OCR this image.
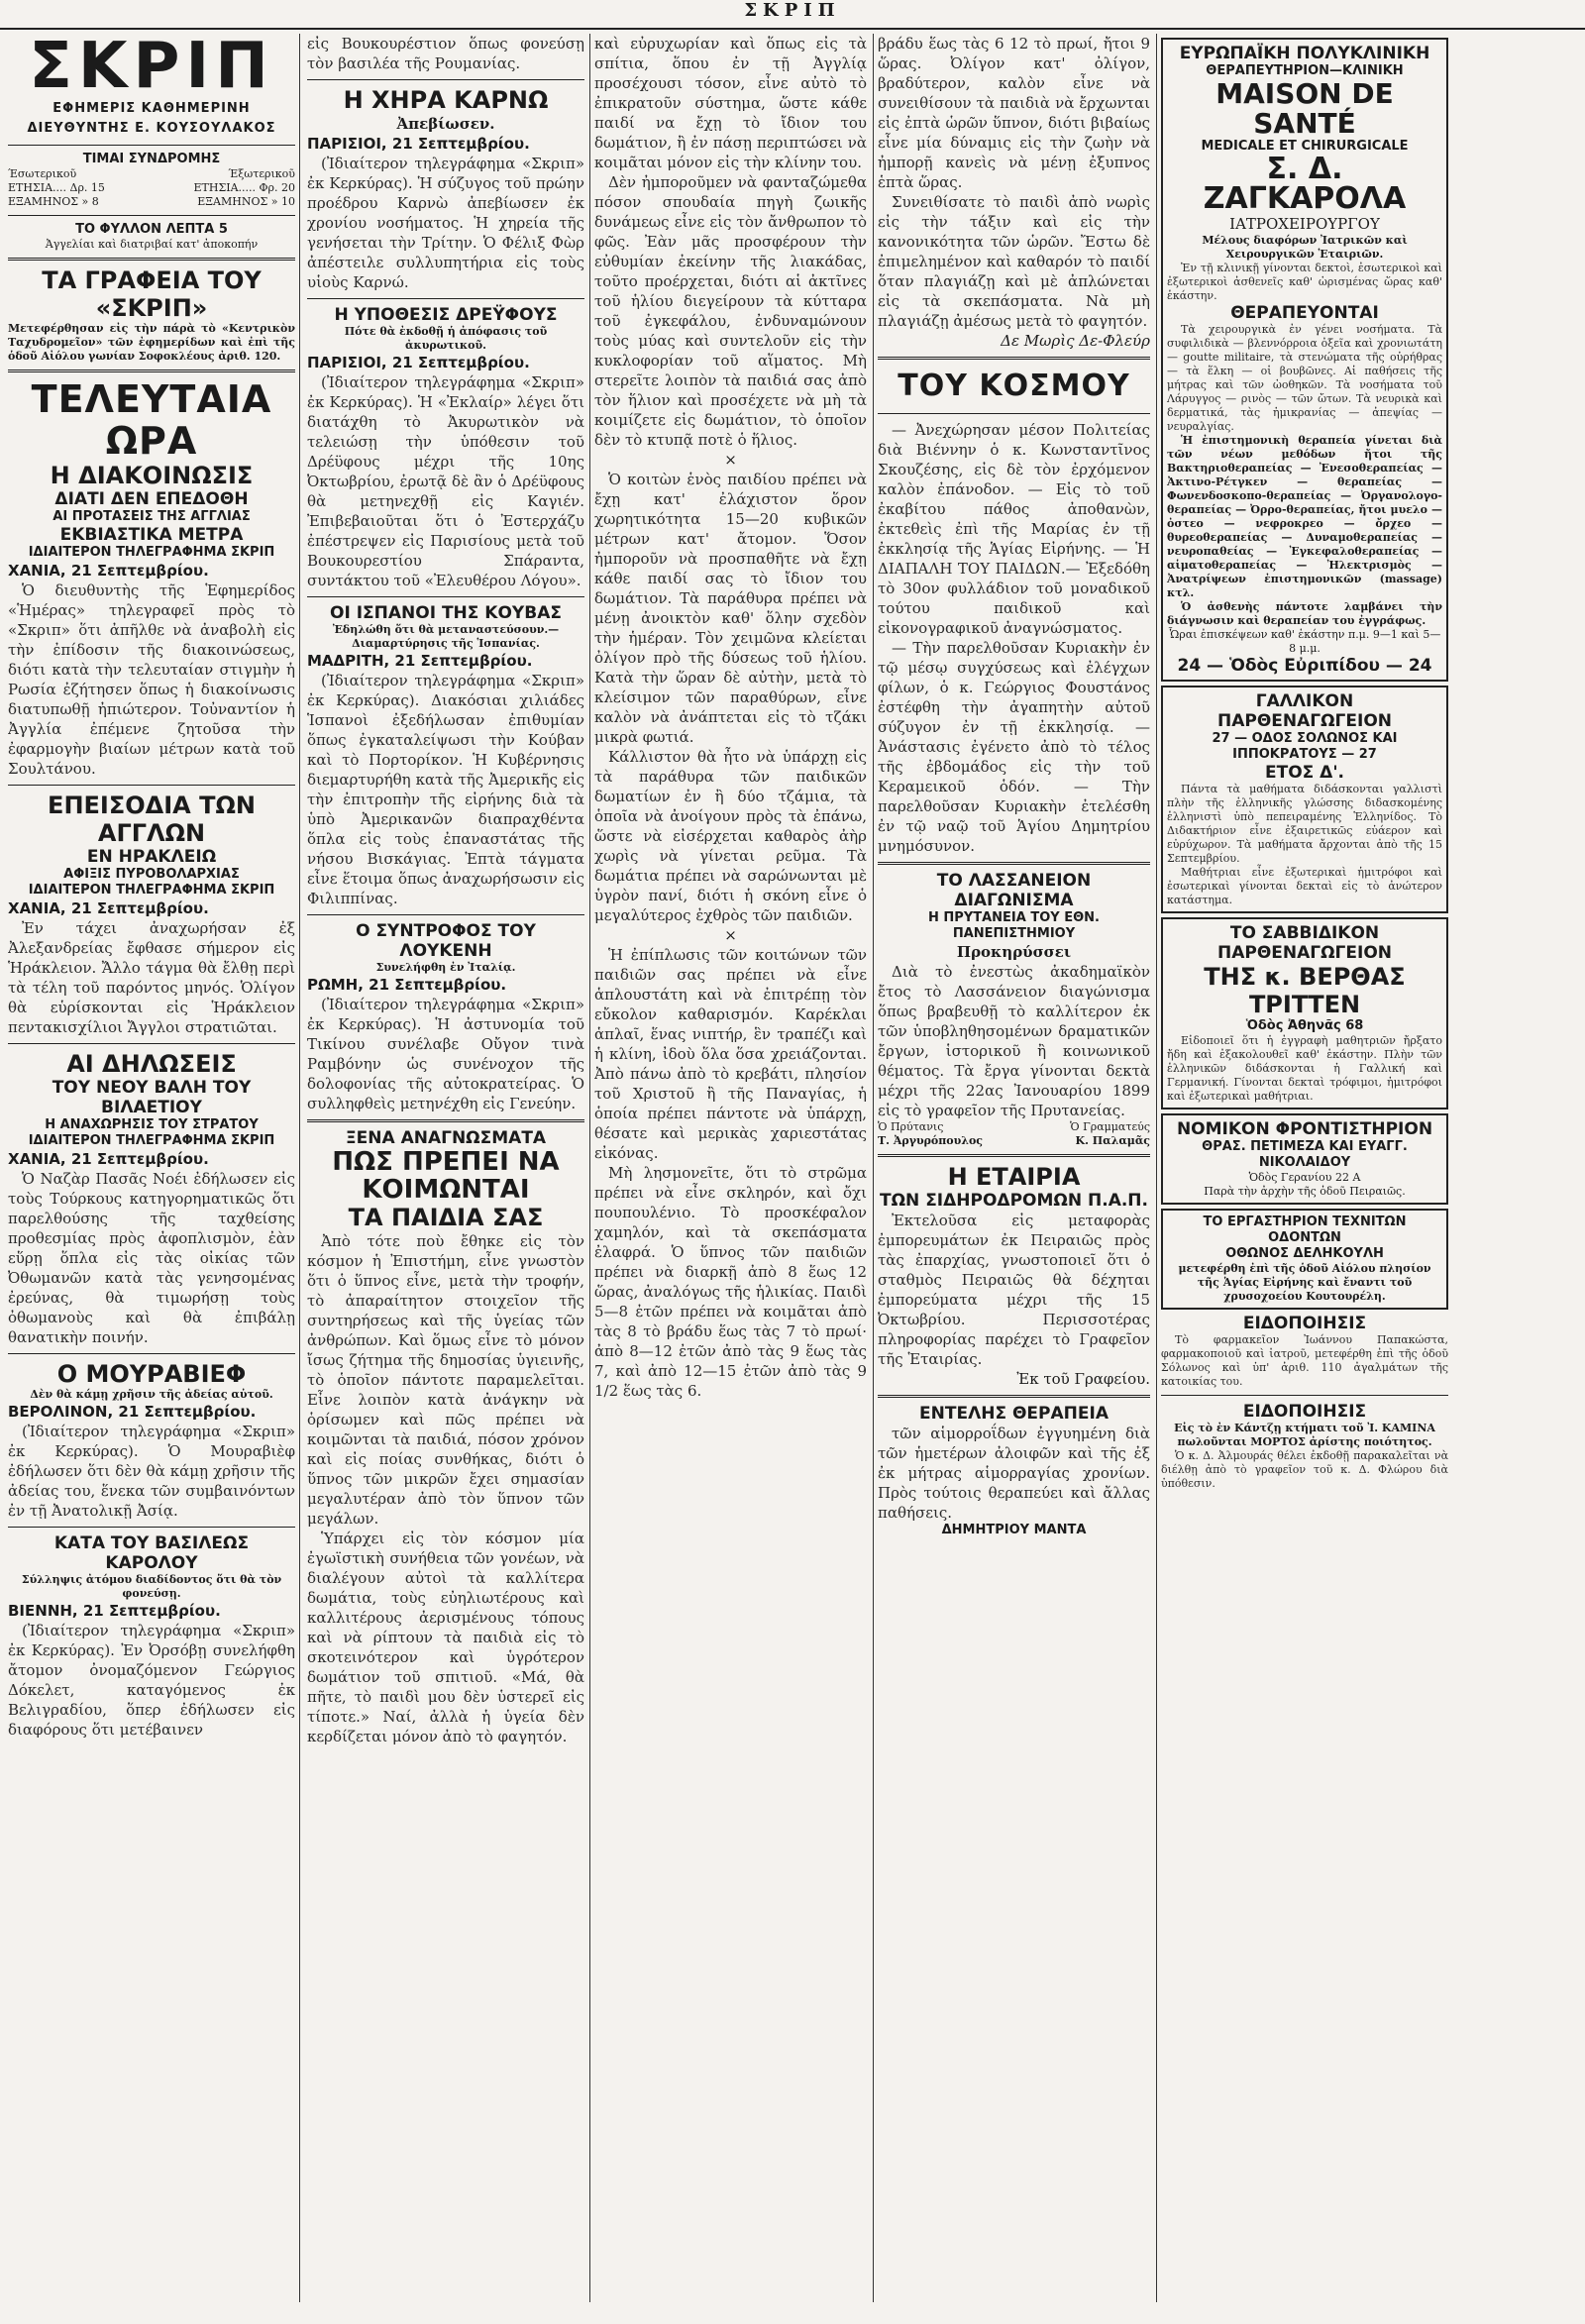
ΣΚΡΙΠ
ΣΚΡΙΠ
ΕΦΗΜΕΡΙΣ ΚΑΘΗΜΕΡΙΝΗ
ΔΙΕΥΘΥΝΤΗΣ Ε. ΚΟΥΣΟΥΛΑΚΟΣ
ΤΙΜΑΙ ΣΥΝΔΡΟΜΗΣ
Έσωτερικοῦ	Έξωτερικοῦ
ΕΤΗΣΙΑ.... Δρ. 15	ΕΤΗΣΙΑ..... Φρ. 20
ΕΞΑΜΗΝΟΣ » 8	ΕΞΑΜΗΝΟΣ » 10
ΤΟ ΦΥΛΛΟΝ ΛΕΠΤΑ 5
Ἀγγελίαι καὶ διατριβαί κατ' ἀποκοπήν
ΤΑ ΓΡΑΦΕΙΑ ΤΟΥ «ΣΚΡΙΠ»
Μετεφέρθησαν εἰς τὴν πάρὰ τὸ «Κεντρικὸν Ταχυδρομεῖον» τῶν ἐφημερίδων καὶ ἐπὶ τῆς ὁδοῦ Αἰόλου γωνίαν Σοφοκλέους ἀριθ. 120.
ΤΕΛΕΥΤΑΙΑ ΩΡΑ
Η ΔΙΑΚΟΙΝΩΣΙΣ
ΔΙΑΤΙ ΔΕΝ ΕΠΕΔΟΘΗ
ΑΙ ΠΡΟΤΑΣΕΙΣ ΤΗΣ ΑΓΓΛΙΑΣ
ΕΚΒΙΑΣΤΙΚΑ ΜΕΤΡΑ
ΙΔΙΑΙΤΕΡΟΝ ΤΗΛΕΓΡΑΦΗΜΑ ΣΚΡΙΠ
ΧΑΝΙΑ, 21 Σεπτεμβρίου.

Ὁ διευθυντὴς τῆς Ἑφημερίδος «Ἡμέρας» τηλεγραφεῖ πρὸς τὸ «Σκριπ» ὅτι ἀπῆλθε νὰ ἀναβολὴ εἰς τὴν ἐπίδοσιν τῆς διακοινώσεως, διότι κατὰ τὴν τελευταίαν στιγμὴν ἡ Ρωσία ἐζήτησεν ὅπως ἡ διακοίνωσις διατυπωθῇ ἠπιώτερον. Τοὐναντίον ἡ Ἀγγλία ἐπέμενε ζητοῦσα τὴν ἐφαρμογὴν βιαίων μέτρων κατὰ τοῦ Σουλτάνου.

ΕΠΕΙΣΟΔΙΑ ΤΩΝ ΑΓΓΛΩΝ
ΕΝ ΗΡΑΚΛΕΙΩ
ΑΦΙΞΙΣ ΠΥΡΟΒΟΛΑΡΧΙΑΣ
ΙΔΙΑΙΤΕΡΟΝ ΤΗΛΕΓΡΑΦΗΜΑ ΣΚΡΙΠ
ΧΑΝΙΑ, 21 Σεπτεμβρίου.

Ἐν τάχει ἀναχωρήσαν ἐξ Ἀλεξανδρείας ἔφθασε σήμερον εἰς Ἡράκλειον. Ἄλλο τάγμα θὰ ἔλθῃ περὶ τὰ τέλη τοῦ παρόντος μηνός. Ὁλίγον θὰ εὑρίσκονται εἰς Ἡράκλειον πεντακισχίλιοι Ἄγγλοι στρατιῶται.

ΑΙ ΔΗΛΩΣΕΙΣ
ΤΟΥ ΝΕΟΥ ΒΑΛΗ ΤΟΥ ΒΙΛΑΕΤΙΟΥ
Η ΑΝΑΧΩΡΗΣΙΣ ΤΟΥ ΣΤΡΑΤΟΥ
ΙΔΙΑΙΤΕΡΟΝ ΤΗΛΕΓΡΑΦΗΜΑ ΣΚΡΙΠ
ΧΑΝΙΑ, 21 Σεπτεμβρίου.

Ὁ Ναζὰρ Πασᾶς Νοέι ἐδήλωσεν εἰς τοὺς Τούρκους κατηγορηματικῶς ὅτι παρελθούσης τῆς ταχθείσης προθεσμίας πρὸς ἀφοπλισμὸν, ἐὰν εὕρῃ ὅπλα εἰς τὰς οἰκίας τῶν Ὀθωμανῶν κατὰ τὰς γενησομένας ἐρεύνας, θὰ τιμωρήσῃ τοὺς ὀθωμανοὺς καὶ θὰ ἐπιβάλῃ θανατικὴν ποινήν.

Ο ΜΟΥΡΑΒΙΕΦ
Δὲν θὰ κάμῃ χρῆσιν τῆς ἀδείας αὐτοῦ.
ΒΕΡΟΛΙΝΟΝ, 21 Σεπτεμβρίου.

(Ἰδιαίτερον τηλεγράφημα «Σκριπ» ἐκ Κερκύρας). Ὁ Μουραβιὲφ ἐδήλωσεν ὅτι δὲν θὰ κάμῃ χρῆσιν τῆς ἀδείας του, ἕνεκα τῶν συμβαινόντων ἐν τῇ Ἀνατολικῇ Ἀσίᾳ.

ΚΑΤΑ ΤΟΥ ΒΑΣΙΛΕΩΣ ΚΑΡΟΛΟΥ
Σύλληψις ἀτόμου διαδίδοντος ὅτι θὰ τὸν φονεύσῃ.
ΒΙΕΝΝΗ, 21 Σεπτεμβρίου.

(Ἰδιαίτερον τηλεγράφημα «Σκριπ» ἐκ Κερκύρας). Ἐν Ὀρσόβῃ συνελήφθη ἄτομον ὀνομαζόμενον Γεώργιος Δόκελετ, καταγόμενος ἐκ Βελιγραδίου, ὅπερ ἐδήλωσεν εἰς διαφόρους ὅτι μετέβαινεν

εἰς Βουκουρέστιον ὅπως φονεύσῃ τὸν βασιλέα τῆς Ρουμανίας.

Η ΧΗΡΑ ΚΑΡΝΩ
Ἀπεβίωσεν.
ΠΑΡΙΣΙΟΙ, 21 Σεπτεμβρίου.

(Ἰδιαίτερον τηλεγράφημα «Σκριπ» ἐκ Κερκύρας). Ἡ σύζυγος τοῦ πρώην προέδρου Καρνὼ ἀπεβίωσεν ἐκ χρονίου νοσήματος. Ἡ χηρεία τῆς γενήσεται τὴν Τρίτην. Ὁ Φέλιξ Φὼρ ἀπέστειλε συλλυπητήρια εἰς τοὺς υἱοὺς Καρνώ.

Η ΥΠΟΘΕΣΙΣ ΔΡΕΫΦΟΥΣ
Πότε θὰ ἐκδοθῇ ἡ ἀπόφασις τοῦ ἀκυρωτικοῦ.
ΠΑΡΙΣΙΟΙ, 21 Σεπτεμβρίου.

(Ἰδιαίτερον τηλεγράφημα «Σκριπ» ἐκ Κερκύρας). Ἡ «Ἐκλαίρ» λέγει ὅτι διατάχθη τὸ Ἀκυρωτικὸν νὰ τελειώσῃ τὴν ὑπόθεσιν τοῦ Δρέϋφους μέχρι τῆς 10ης Ὀκτωβρίου, ἐρωτᾷ δὲ ἂν ὁ Δρέϋφους θὰ μετηνεχθῇ εἰς Καγιέν. Ἐπιβεβαιοῦται ὅτι ὁ Ἐστερχάζυ ἐπέστρεψεν εἰς Παρισίους μετὰ τοῦ Βουκουρεστίου Σπάραντα, συντάκτου τοῦ «Ἐλευθέρου Λόγου».

ΟΙ ΙΣΠΑΝΟΙ ΤΗΣ ΚΟΥΒΑΣ
Ἐδηλώθη ὅτι θὰ μεταναστεύσουν.—Διαμαρτύρησις τῆς Ἱσπανίας.
ΜΑΔΡΙΤΗ, 21 Σεπτεμβρίου.

(Ἰδιαίτερον τηλεγράφημα «Σκριπ» ἐκ Κερκύρας). Διακόσιαι χιλιάδες Ἱσπανοὶ ἐξεδήλωσαν ἐπιθυμίαν ὅπως ἐγκαταλείψωσι τὴν Κούβαν καὶ τὸ Πορτορίκον. Ἡ Κυβέρνησις διεμαρτυρήθη κατὰ τῆς Ἀμερικῆς εἰς τὴν ἐπιτροπὴν τῆς εἰρήνης διὰ τὰ ὑπὸ Ἀμερικανῶν διαπραχθέντα ὅπλα εἰς τοὺς ἐπαναστάτας τῆς νήσου Βισκάγιας. Ἑπτὰ τάγματα εἶνε ἕτοιμα ὅπως ἀναχωρήσωσιν εἰς Φιλιππίνας.

Ο ΣΥΝΤΡΟΦΟΣ ΤΟΥ ΛΟΥΚΕΝΗ
Συνελήφθη ἐν Ἰταλίᾳ.
ΡΩΜΗ, 21 Σεπτεμβρίου.

(Ἰδιαίτερον τηλεγράφημα «Σκριπ» ἐκ Κερκύρας). Ἡ ἀστυνομία τοῦ Τικίνου συνέλαβε Οὔγον τινὰ Ραμβόνην ὡς συνένοχον τῆς δολοφονίας τῆς αὐτοκρατείρας. Ὁ συλληφθεὶς μετηνέχθη εἰς Γενεύην.

ΞΕΝΑ ΑΝΑΓΝΩΣΜΑΤΑ
ΠΩΣ ΠΡΕΠΕΙ ΝΑ ΚΟΙΜΩΝΤΑΙ
ΤΑ ΠΑΙΔΙΑ ΣΑΣ

Ἀπὸ τότε ποὺ ἔθηκε εἰς τὸν κόσμον ἡ Ἐπιστήμη, εἶνε γνωστὸν ὅτι ὁ ὕπνος εἶνε, μετὰ τὴν τροφήν, τὸ ἀπαραίτητον στοιχεῖον τῆς συντηρήσεως καὶ τῆς ὑγείας τῶν ἀνθρώπων. Καὶ ὅμως εἶνε τὸ μόνον ἴσως ζήτημα τῆς δημοσίας ὑγιεινῆς, τὸ ὁποῖον πάντοτε παραμελεῖται. Εἶνε λοιπὸν κατὰ ἀνάγκην νὰ ὁρίσωμεν καὶ πῶς πρέπει νὰ κοιμῶνται τὰ παιδιά, πόσον χρόνον καὶ εἰς ποίας συνθήκας, διότι ὁ ὕπνος τῶν μικρῶν ἔχει σημασίαν μεγαλυτέραν ἀπὸ τὸν ὕπνον τῶν μεγάλων.

Ὑπάρχει εἰς τὸν κόσμον μία ἐγωϊστικὴ συνήθεια τῶν γονέων, νὰ διαλέγουν αὐτοὶ τὰ καλλίτερα δωμάτια, τοὺς εὐηλιωτέρους καὶ καλλιτέρους ἀερισμένους τόπους καὶ νὰ ρίπτουν τὰ παιδιὰ εἰς τὸ σκοτεινότερον καὶ ὑγρότερον δωμάτιον τοῦ σπιτιοῦ. «Μά, θὰ πῆτε, τὸ παιδὶ μου δὲν ὑστερεῖ εἰς τίποτε.» Ναί, ἀλλὰ ἡ ὑγεία δὲν κερδίζεται μόνον ἀπὸ τὸ φαγητόν.

καὶ εὐρυχωρίαν καὶ ὅπως εἰς τὰ σπίτια, ὅπου ἐν τῇ Ἀγγλίᾳ προσέχουσι τόσον, εἶνε αὐτὸ τὸ ἐπικρατοῦν σύστημα, ὥστε κάθε παιδί να ἔχῃ τὸ ἴδιον του δωμάτιον, ἢ ἐν πάσῃ περιπτώσει νὰ κοιμᾶται μόνον εἰς τὴν κλίνην του.

Δὲν ἠμποροῦμεν νὰ φανταζώμεθα πόσον σπουδαία πηγὴ ζωικῆς δυνάμεως εἶνε εἰς τὸν ἄνθρωπον τὸ φῶς. Ἐὰν μᾶς προσφέρουν τὴν εὐθυμίαν ἐκείνην τῆς λιακάδας, τοῦτο προέρχεται, διότι αἱ ἀκτῖνες τοῦ ἡλίου διεγείρουν τὰ κύτταρα τοῦ ἐγκεφάλου, ἐνδυναμώνουν τοὺς μύας καὶ συντελοῦν εἰς τὴν κυκλοφορίαν τοῦ αἵματος. Μὴ στερεῖτε λοιπὸν τὰ παιδιά σας ἀπὸ τὸν ἥλιον καὶ προσέχετε νὰ μὴ τὰ κοιμίζετε εἰς δωμάτιον, τὸ ὁποῖον δὲν τὸ κτυπᾷ ποτὲ ὁ ἥλιος.

×

Ὁ κοιτὼν ἑνὸς παιδίου πρέπει νὰ ἔχῃ κατ' ἐλάχιστον ὅρον χωρητικότητα 15—20 κυβικῶν μέτρων κατ' ἄτομον. Ὅσον ἠμποροῦν νὰ προσπαθῆτε νὰ ἔχῃ κάθε παιδί σας τὸ ἴδιον του δωμάτιον. Τὰ παράθυρα πρέπει νὰ μένῃ ἀνοικτὸν καθ' ὅλην σχεδὸν τὴν ἡμέραν. Τὸν χειμῶνα κλείεται ὀλίγον πρὸ τῆς δύσεως τοῦ ἡλίου. Κατὰ τὴν ὥραν δὲ αὐτὴν, μετὰ τὸ κλείσιμον τῶν παραθύρων, εἶνε καλὸν νὰ ἀνάπτεται εἰς τὸ τζάκι μικρὰ φωτιά.

Κάλλιστον θὰ ἦτο νὰ ὑπάρχῃ εἰς τὰ παράθυρα τῶν παιδικῶν δωματίων ἐν ἢ δύο τζάμια, τὰ ὁποῖα νὰ ἀνοίγουν πρὸς τὰ ἐπάνω, ὥστε νὰ εἰσέρχεται καθαρὸς ἀὴρ χωρὶς νὰ γίνεται ρεῦμα. Τὰ δωμάτια πρέπει νὰ σαρώνωνται μὲ ὑγρὸν πανί, διότι ἡ σκόνη εἶνε ὁ μεγαλύτερος ἐχθρὸς τῶν παιδιῶν.

×

Ἡ ἐπίπλωσις τῶν κοιτώνων τῶν παιδιῶν σας πρέπει νὰ εἶνε ἁπλουστάτη καὶ νὰ ἐπιτρέπῃ τὸν εὔκολον καθαρισμόν. Καρέκλαι ἁπλαῖ, ἕνας νιπτήρ, ἓν τραπέζι καὶ ἡ κλίνη, ἰδοὺ ὅλα ὅσα χρειάζονται. Ἀπὸ πάνω ἀπὸ τὸ κρεβάτι, πλησίον τοῦ Χριστοῦ ἢ τῆς Παναγίας, ἡ ὁποία πρέπει πάντοτε νὰ ὑπάρχῃ, θέσατε καὶ μερικὰς χαριεστάτας εἰκόνας.

Μὴ λησμονεῖτε, ὅτι τὸ στρῶμα πρέπει νὰ εἶνε σκληρόν, καὶ ὄχι πουπουλένιο. Τὸ προσκέφαλον χαμηλόν, καὶ τὰ σκεπάσματα ἐλαφρά. Ὁ ὕπνος τῶν παιδιῶν πρέπει νὰ διαρκῇ ἀπὸ 8 ἕως 12 ὥρας, ἀναλόγως τῆς ἡλικίας. Παιδὶ 5—8 ἐτῶν πρέπει νὰ κοιμᾶται ἀπὸ τὰς 8 τὸ βράδυ ἕως τὰς 7 τὸ πρωί· ἀπὸ 8—12 ἐτῶν ἀπὸ τὰς 9 ἕως τὰς 7, καὶ ἀπὸ 12—15 ἐτῶν ἀπὸ τὰς 9 1/2 ἕως τὰς 6.

βράδυ ἕως τὰς 6 12 τὸ πρωί, ἤτοι 9 ὥρας. Ὀλίγον κατ' ὀλίγον, βραδύτερον, καλὸν εἶνε νὰ συνειθίσουν τὰ παιδιὰ νὰ ἔρχωνται εἰς ἐπτὰ ὡρῶν ὕπνον, διότι βιβαίως εἶνε μία δύναμις εἰς τὴν ζωὴν νὰ ἠμπορῇ κανεὶς νὰ μένῃ ἐξυπνος ἑπτὰ ὥρας.

Συνειθίσατε τὸ παιδὶ ἀπὸ νωρὶς εἰς τὴν τάξιν καὶ εἰς τὴν κανονικότητα τῶν ὡρῶν. Ἔστω δὲ ἐπιμελημένον καὶ καθαρόν τὸ παιδί ὅταν πλαγιάζῃ καὶ μὲ ἀπλώνεται εἰς τὰ σκεπάσματα. Νὰ μὴ πλαγιάζῃ ἀμέσως μετὰ τὸ φαγητόν.

Δε Μωρὶς Δε-Φλεύρ
ΤΟΥ ΚΟΣΜΟΥ

— Ἀνεχώρησαν μέσον Πολιτείας διὰ Βιέννην ὁ κ. Κωνσταντῖνος Σκουζέσης, εἰς δὲ τὸν ἐρχόμενον καλὸν ἐπάνοδον. — Εἰς τὸ τοῦ ἐκαβίτου πάθος ἀποθανὼν, ἐκτεθεὶς ἐπὶ τῆς Μαρίας ἐν τῇ ἐκκλησίᾳ τῆς Ἁγίας Εἰρήνης. — Ἡ ΔΙΑΠΑΛΗ ΤΟΥ ΠΑΙΔΩΝ.— Ἐξεδόθη τὸ 30ον φυλλάδιον τοῦ μοναδικοῦ τούτου παιδικοῦ καὶ εἰκονογραφικοῦ ἀναγνώσματος.

— Τὴν παρελθοῦσαν Κυριακὴν ἐν τῷ μέσῳ συγχύσεως καὶ ἐλέγχων φίλων, ὁ κ. Γεώργιος Φουστάνος ἐστέφθη τὴν ἀγαπητὴν αὐτοῦ σύζυγον ἐν τῇ ἐκκλησίᾳ. — Ἀνάστασις ἐγένετο ἀπὸ τὸ τέλος τῆς ἐβδομάδος εἰς τὴν τοῦ Κεραμεικοῦ ὁδόν. — Τὴν παρελθοῦσαν Κυριακὴν ἐτελέσθη ἐν τῷ ναῷ τοῦ Ἁγίου Δημητρίου μνημόσυνον.

ΤΟ ΛΑΣΣΑΝΕΙΟΝ ΔΙΑΓΩΝΙΣΜΑ
Η ΠΡΥΤΑΝΕΙΑ ΤΟΥ ΕΘΝ. ΠΑΝΕΠΙΣΤΗΜΙΟΥ
Προκηρύσσει

Διὰ τὸ ἐνεστὼς ἀκαδημαϊκὸν ἔτος τὸ Λασσάνειον διαγώνισμα ὅπως βραβευθῇ τὸ καλλίτερον ἐκ τῶν ὑποβληθησομένων δραματικῶν ἔργων, ἱστορικοῦ ἢ κοινωνικοῦ θέματος. Τὰ ἔργα γίνονται δεκτὰ μέχρι τῆς 22ας Ἰανουαρίου 1899 εἰς τὸ γραφεῖον τῆς Πρυτανείας.

Ὁ Πρύτανις	Ὁ Γραμματεύς
Τ. Ἀργυρόπουλος	Κ. Παλαμᾶς
Η ΕΤΑΙΡΙΑ
ΤΩΝ ΣΙΔΗΡΟΔΡΟΜΩΝ Π.Α.Π.

Ἐκτελοῦσα εἰς μεταφορὰς ἐμπορευμάτων ἐκ Πειραιῶς πρὸς τὰς ἐπαρχίας, γνωστοποιεῖ ὅτι ὁ σταθμὸς Πειραιῶς θὰ δέχηται ἐμπορεύματα μέχρι τῆς 15 Ὀκτωβρίου. Περισσοτέρας πληροφορίας παρέχει τὸ Γραφεῖον τῆς Ἑταιρίας.

Ἐκ τοῦ Γραφείου.
ΕΝΤΕΛΗΣ ΘΕΡΑΠΕΙΑ

τῶν αἱμορροΐδων ἐγγυημένη διὰ τῶν ἡμετέρων ἀλοιφῶν καὶ τῆς ἐξ ἐκ μήτρας αἱμορραγίας χρονίων. Πρὸς τούτοις θεραπεύει καὶ ἄλλας παθήσεις.

ΔΗΜΗΤΡΙΟΥ ΜΑΝΤΑ
ΕΥΡΩΠΑΪΚΗ ΠΟΛΥΚΛΙΝΙΚΗ
ΘΕΡΑΠΕΥΤΗΡΙΟΝ—ΚΛΙΝΙΚΗ
MAISON DE SANTÉ
MEDICALE ET CHIRURGICALE
Σ. Δ. ΖΑΓΚΑΡΟΛΑ
ΙΑΤΡΟΧΕΙΡΟΥΡΓΟΥ
Μέλους διαφόρων Ἰατρικῶν καὶ Χειρουργικῶν Ἑταιριῶν.

Ἐν τῇ κλινικῇ γίνονται δεκτοὶ, ἐσωτερικοὶ καὶ ἐξωτερικοὶ ἀσθενεῖς καθ' ὡρισμένας ὥρας καθ' ἑκάστην.

ΘΕΡΑΠΕΥΟΝΤΑΙ

Τὰ χειρουργικὰ ἐν γένει νοσήματα. Τὰ συφιλιδικὰ — βλεννόρροια ὀξεῖα καὶ χρονιωτάτη — goutte militaire, τὰ στενώματα τῆς οὐρήθρας — τὰ ἕλκη — οἱ βουβῶνες. Αἱ παθήσεις τῆς μήτρας καὶ τῶν ὠοθηκῶν. Τὰ νοσήματα τοῦ Λάρυγγος — ρινὸς — τῶν ὤτων. Τὰ νευρικὰ καὶ δερματικά, τὰς ἡμικρανίας — ἀπεψίας — νευραλγίας.

Ἡ ἐπιστημονικὴ θεραπεία γίνεται διὰ τῶν νέων μεθόδων ἤτοι τῆς Βακτηριοθεραπείας — Ἐνεσοθεραπείας — Ἀκτινο-Ρέτγκεν — θεραπείας — Φωνενδοσκοπο-θεραπείας — Ὀργανολογο-θεραπείας — Ὀρρο-θεραπείας, ἤτοι μυελο — ὀστεο — νεφροκρεο — ὄρχεο — θυρεοθεραπείας — Δυναμοθεραπείας — νευροπαθείας — Ἐγκεφαλοθεραπείας — αἱματοθεραπείας — Ἠλεκτρισμὸς — Ἀνατρίψεων ἐπιστημονικῶν (massage) κτλ.

Ὁ ἀσθενὴς πάντοτε λαμβάνει τὴν διάγνωσιν καὶ θεραπείαν του ἐγγράφως.

Ὧραι ἐπισκέψεων καθ' ἑκάστην π.μ. 9—1 καὶ 5—8 μ.μ.
24 — Ὁδὸς Εὐριπίδου — 24
ΓΑΛΛΙΚΟΝ ΠΑΡΘΕΝΑΓΩΓΕΙΟΝ
27 — ΟΔΟΣ ΣΟΛΩΝΟΣ ΚΑΙ ΙΠΠΟΚΡΑΤΟΥΣ — 27
ΕΤΟΣ Δ'.

Πάντα τὰ μαθήματα διδάσκονται γαλλιστὶ πλὴν τῆς ἑλληνικῆς γλώσσης διδασκομένης ἑλληνιστὶ ὑπὸ πεπειραμένης Ἑλληνίδος. Τὸ Διδακτήριον εἶνε ἐξαιρετικῶς εὐάερον καὶ εὐρύχωρον. Τὰ μαθήματα ἄρχονται ἀπὸ τῆς 15 Σεπτεμβρίου.

Μαθήτριαι εἶνε ἐξωτερικαὶ ἡμιτρόφοι καὶ ἐσωτερικαὶ γίνονται δεκταὶ εἰς τὸ ἀνώτερον κατάστημα.

ΤΟ ΣΑΒΒΙΔΙΚΟΝ ΠΑΡΘΕΝΑΓΩΓΕΙΟΝ
ΤΗΣ κ. ΒΕΡΘΑΣ ΤΡΙΤΤΕΝ
Ὁδὸς Ἀθηνᾶς 68

Εἰδοποιεῖ ὅτι ἡ ἐγγραφὴ μαθητριῶν ἤρξατο ἤδη καὶ ἐξακολουθεῖ καθ' ἑκάστην. Πλὴν τῶν ἑλληνικῶν διδάσκονται ἡ Γαλλική καὶ Γερμανική. Γίνονται δεκταὶ τρόφιμοι, ἡμιτρόφοι καὶ ἐξωτερικαὶ μαθήτριαι.

ΝΟΜΙΚΟΝ ΦΡΟΝΤΙΣΤΗΡΙΟΝ
ΘΡΑΣ. ΠΕΤΙΜΕΖΑ ΚΑΙ ΕΥΑΓΓ. ΝΙΚΟΛΑΙΔΟΥ
Ὁδὸς Γερανίου 22 Α
Παρὰ τὴν ἀρχὴν τῆς ὁδοῦ Πειραιῶς.
ΤΟ ΕΡΓΑΣΤΗΡΙΟΝ ΤΕΧΝΙΤΩΝ ΟΔΟΝΤΩΝ
ΟΘΩΝΟΣ ΔΕΛΗΚΟΥΛΗ

μετεφέρθη ἐπὶ τῆς ὁδοῦ Αἰόλου πλησίον τῆς Ἁγίας Εἰρήνης καὶ ἔναντι τοῦ χρυσοχοείου Κουτουρέλη.

ΕΙΔΟΠΟΙΗΣΙΣ

Τὸ φαρμακεῖον Ἰωάννου Παπακώστα, φαρμακοποιοῦ καὶ ἰατροῦ, μετεφέρθη ἐπὶ τῆς ὁδοῦ Σόλωνος καὶ ὑπ' ἀριθ. 110 ἀγαλμάτων τῆς κατοικίας του.

ΕΙΔΟΠΟΙΗΣΙΣ

Εἰς τὸ ἐν Κάντζῃ κτήματι τοῦ Ἰ. ΚΑΜΙΝΑ πωλοῦνται ΜΟΡΤΟΣ ἀρίστης ποιότητος.

Ὁ κ. Δ. Ἀλμουράς θέλει ἐκδοθῇ παρακαλεῖται νὰ διέλθῃ ἀπὸ τὸ γραφεῖον τοῦ κ. Δ. Φλώρου διὰ ὑπόθεσιν.
